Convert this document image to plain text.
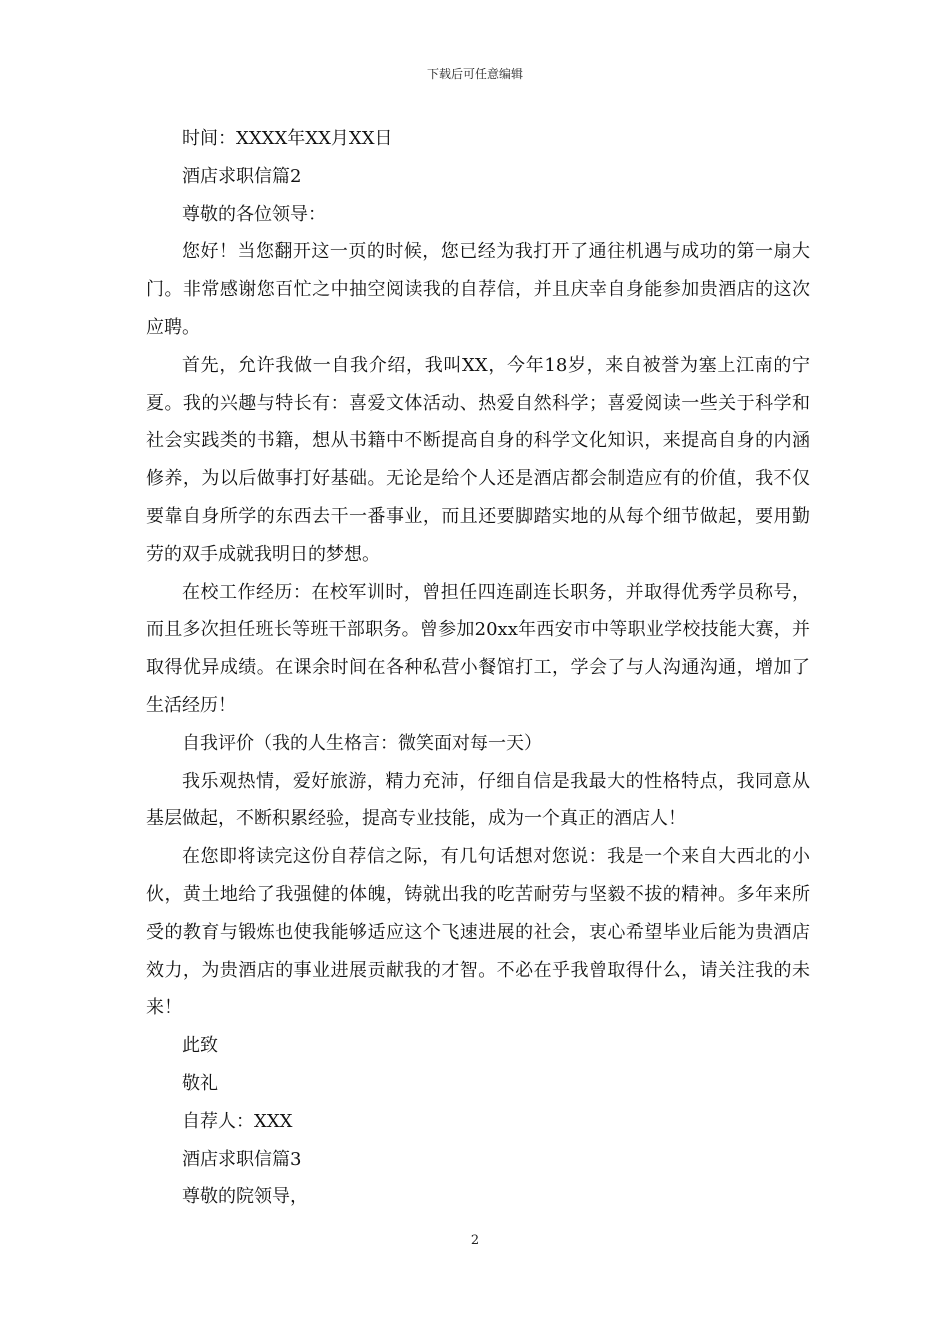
下载后可任意编辑

时间：XXXX年XX月XX日

酒店求职信篇2

尊敬的各位领导：

您好！当您翻开这一页的时候，您已经为我打开了通往机遇与成功的第一扇大门。非常感谢您百忙之中抽空阅读我的自荐信，并且庆幸自身能参加贵酒店的这次应聘。

首先，允许我做一自我介绍，我叫XX，今年18岁，来自被誉为塞上江南的宁夏。我的兴趣与特长有：喜爱文体活动、热爱自然科学；喜爱阅读一些关于科学和社会实践类的书籍，想从书籍中不断提高自身的科学文化知识，来提高自身的内涵修养，为以后做事打好基础。无论是给个人还是酒店都会制造应有的价值，我不仅要靠自身所学的东西去干一番事业，而且还要脚踏实地的从每个细节做起，要用勤劳的双手成就我明日的梦想。

在校工作经历：在校军训时，曾担任四连副连长职务，并取得优秀学员称号，而且多次担任班长等班干部职务。曾参加20xx年西安市中等职业学校技能大赛，并取得优异成绩。在课余时间在各种私营小餐馆打工，学会了与人沟通沟通，增加了生活经历！

自我评价（我的人生格言：微笑面对每一天）

我乐观热情，爱好旅游，精力充沛，仔细自信是我最大的性格特点，我同意从基层做起，不断积累经验，提高专业技能，成为一个真正的酒店人！

在您即将读完这份自荐信之际，有几句话想对您说：我是一个来自大西北的小伙，黄土地给了我强健的体魄，铸就出我的吃苦耐劳与坚毅不拔的精神。多年来所受的教育与锻炼也使我能够适应这个飞速进展的社会，衷心希望毕业后能为贵酒店效力，为贵酒店的事业进展贡献我的才智。不必在乎我曾取得什么，请关注我的未来！

此致

敬礼

自荐人：XXX

酒店求职信篇3

尊敬的院领导，

2
